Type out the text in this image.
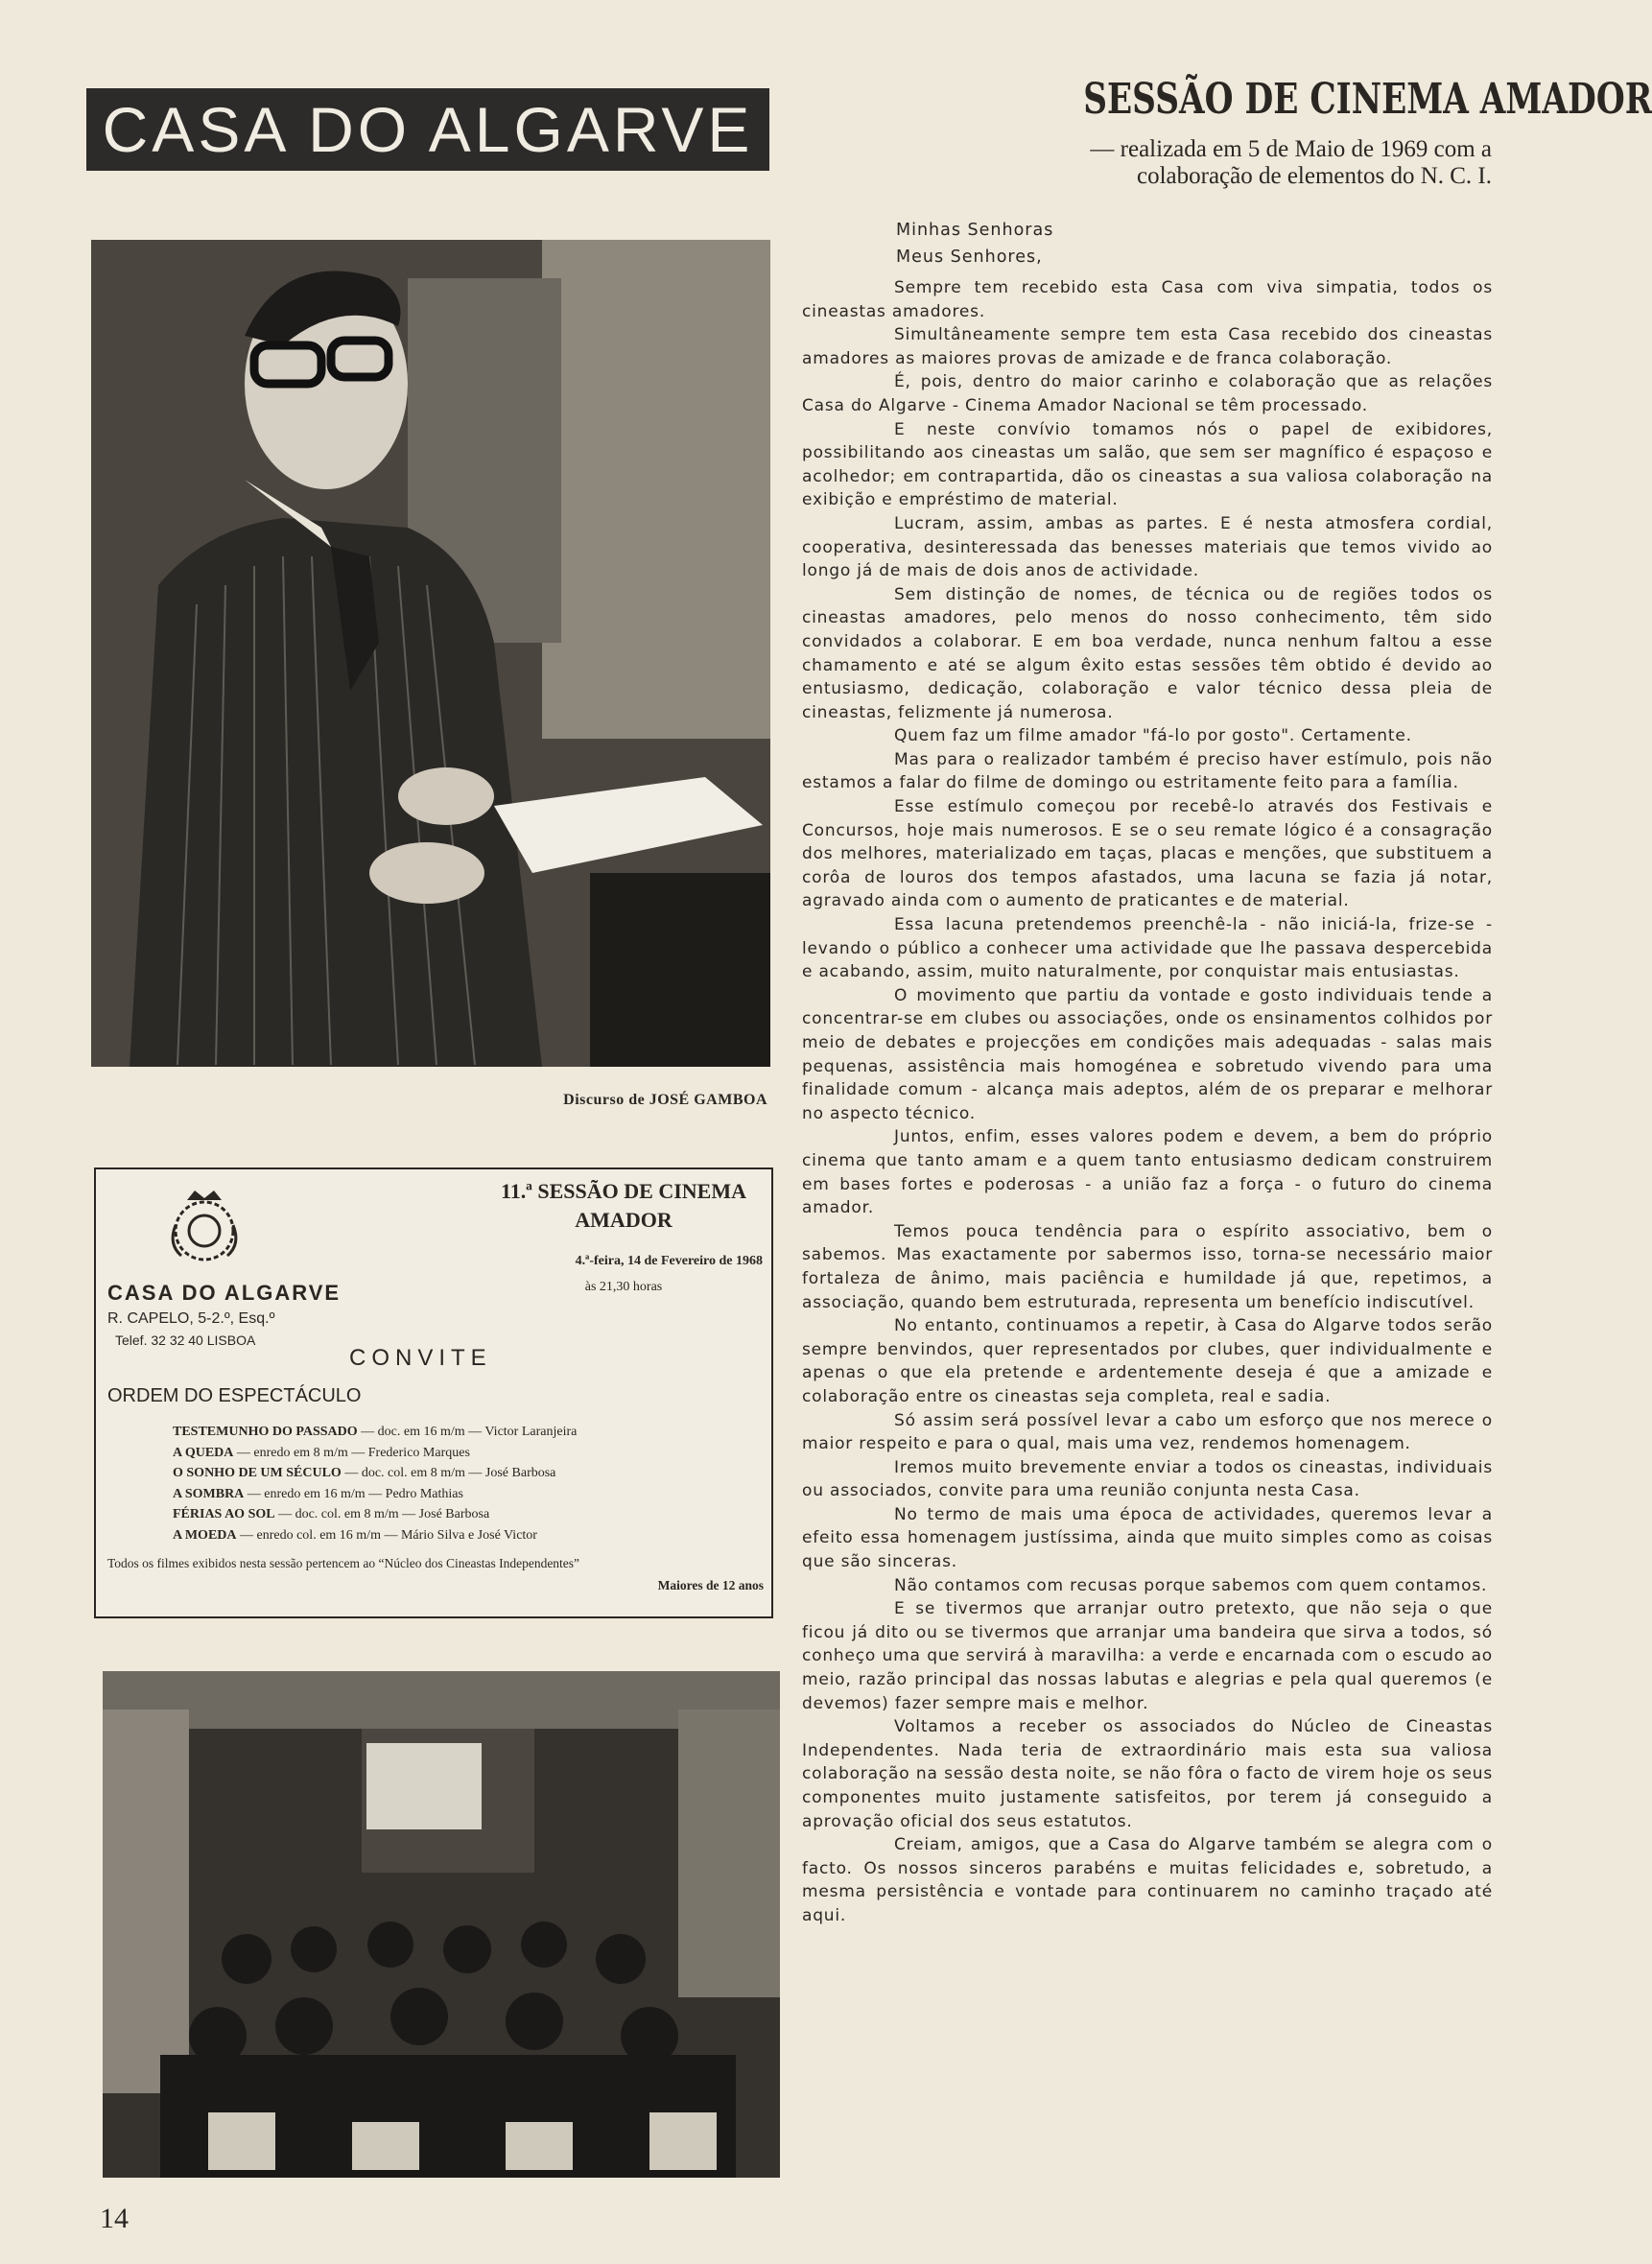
CASA DO ALGARVE
Discurso de JOSÉ GAMBOA
CASA DO ALGARVE
R. CAPELO, 5-2.º, Esq.º
Telef. 32 32 40 LISBOA
11.ª SESSÃO DE CINEMA AMADOR
4.ª-feira, 14 de Fevereiro de 1968
às 21,30 horas
CONVITE
ORDEM DO ESPECTÁCULO
TESTEMUNHO DO PASSADO — doc. em 16 m/m — Victor Laranjeira
A QUEDA — enredo em 8 m/m — Frederico Marques
O SONHO DE UM SÉCULO — doc. col. em 8 m/m — José Barbosa
A SOMBRA — enredo em 16 m/m — Pedro Mathias
FÉRIAS AO SOL — doc. col. em 8 m/m — José Barbosa
A MOEDA — enredo col. em 16 m/m — Mário Silva e José Victor
Todos os filmes exibidos nesta sessão pertencem ao “Núcleo dos Cineastas Independentes”
Maiores de 12 anos
14
SESSÃO DE CINEMA AMADOR
— realizada em 5 de Maio de 1969 com a colaboração de elementos do N. C. I.
Minhas Senhoras
Meus Senhores,

Sempre tem recebido esta Casa com viva simpatia, todos os cineastas amadores.

Simultâneamente sempre tem esta Casa recebido dos cineastas amadores as maiores provas de amizade e de franca colaboração.

É, pois, dentro do maior carinho e colaboração que as relações Casa do Algarve - Cinema Amador Nacional se têm processado.

E neste convívio tomamos nós o papel de exibidores, possibilitando aos cineastas um salão, que sem ser magnífico é espaçoso e acolhedor; em contrapartida, dão os cineastas a sua valiosa colaboração na exibição e empréstimo de material.

Lucram, assim, ambas as partes. E é nesta atmosfera cordial, cooperativa, desinteressada das benesses materiais que temos vivido ao longo já de mais de dois anos de actividade.

Sem distinção de nomes, de técnica ou de regiões todos os cineastas amadores, pelo menos do nosso conhecimento, têm sido convidados a colaborar. E em boa verdade, nunca nenhum faltou a esse chamamento e até se algum êxito estas sessões têm obtido é devido ao entusiasmo, dedicação, colaboração e valor técnico dessa pleia de cineastas, felizmente já numerosa.

Quem faz um filme amador "fá-lo por gosto". Certamente.

Mas para o realizador também é preciso haver estímulo, pois não estamos a falar do filme de domingo ou estritamente feito para a família.

Esse estímulo começou por recebê-lo através dos Festivais e Concursos, hoje mais numerosos. E se o seu remate lógico é a consagração dos melhores, materializado em taças, placas e menções, que substituem a corôa de louros dos tempos afastados, uma lacuna se fazia já notar, agravado ainda com o aumento de praticantes e de material.

Essa lacuna pretendemos preenchê-la - não iniciá-la, frize-se - levando o público a conhecer uma actividade que lhe passava despercebida e acabando, assim, muito naturalmente, por conquistar mais entusiastas.

O movimento que partiu da vontade e gosto individuais tende a concentrar-se em clubes ou associações, onde os ensinamentos colhidos por meio de debates e projecções em condições mais adequadas - salas mais pequenas, assistência mais homogénea e sobretudo vivendo para uma finalidade comum - alcança mais adeptos, além de os preparar e melhorar no aspecto técnico.

Juntos, enfim, esses valores podem e devem, a bem do próprio cinema que tanto amam e a quem tanto entusiasmo dedicam construirem em bases fortes e poderosas - a união faz a força - o futuro do cinema amador.

Temos pouca tendência para o espírito associativo, bem o sabemos. Mas exactamente por sabermos isso, torna-se necessário maior fortaleza de ânimo, mais paciência e humildade já que, repetimos, a associação, quando bem estruturada, representa um benefício indiscutível.

No entanto, continuamos a repetir, à Casa do Algarve todos serão sempre benvindos, quer representados por clubes, quer individualmente e apenas o que ela pretende e ardentemente deseja é que a amizade e colaboração entre os cineastas seja completa, real e sadia.

Só assim será possível levar a cabo um esforço que nos merece o maior respeito e para o qual, mais uma vez, rendemos homenagem.

Iremos muito brevemente enviar a todos os cineastas, individuais ou associados, convite para uma reunião conjunta nesta Casa.

No termo de mais uma época de actividades, queremos levar a efeito essa homenagem justíssima, ainda que muito simples como as coisas que são sinceras.

Não contamos com recusas porque sabemos com quem contamos.

E se tivermos que arranjar outro pretexto, que não seja o que ficou já dito ou se tivermos que arranjar uma bandeira que sirva a todos, só conheço uma que servirá à maravilha: a verde e encarnada com o escudo ao meio, razão principal das nossas labutas e alegrias e pela qual queremos (e devemos) fazer sempre mais e melhor.

Voltamos a receber os associados do Núcleo de Cineastas Independentes. Nada teria de extraordinário mais esta sua valiosa colaboração na sessão desta noite, se não fôra o facto de virem hoje os seus componentes muito justamente satisfeitos, por terem já conseguido a aprovação oficial dos seus estatutos.

Creiam, amigos, que a Casa do Algarve também se alegra com o facto. Os nossos sinceros parabéns e muitas felicidades e, sobretudo, a mesma persistência e vontade para continuarem no caminho traçado até aqui.
